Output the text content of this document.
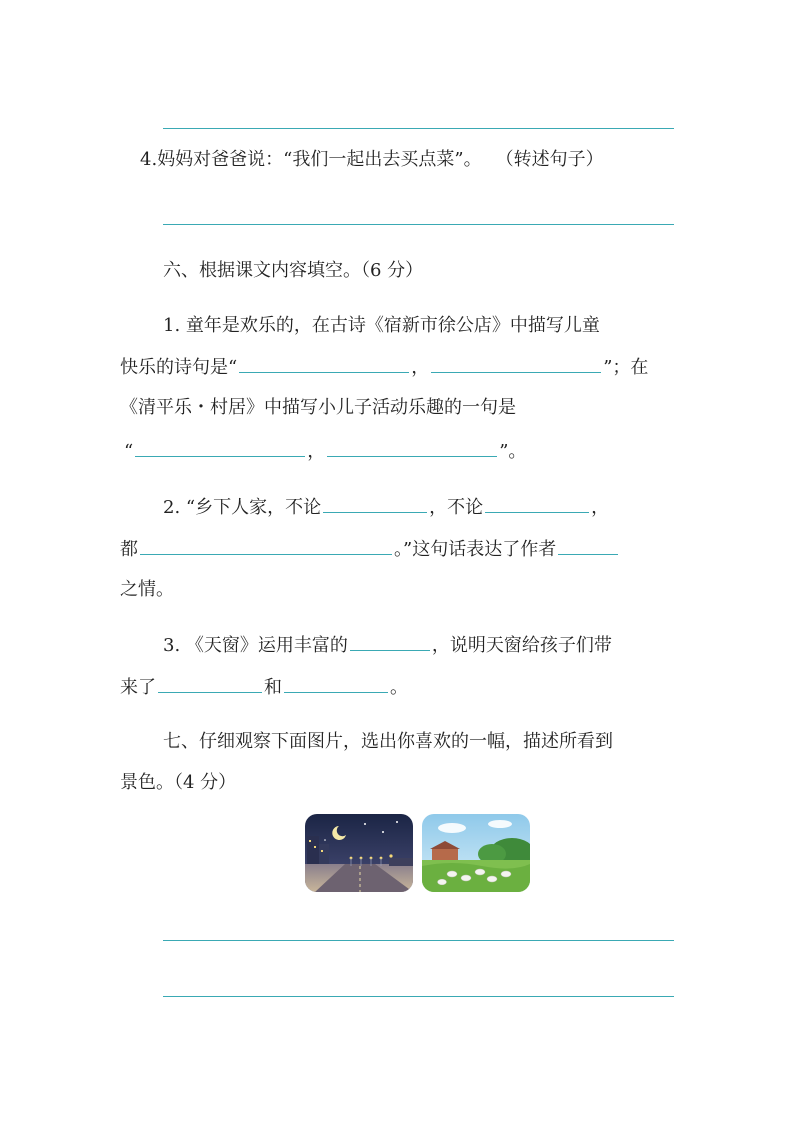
4.妈妈对爸爸说：“我们一起出去买点菜”。 （转述句子）
六、根据课文内容填空。（6 分）
1. 童年是欢乐的，在古诗《宿新市徐公店》中描写儿童
快乐的诗句是“	，	”；在
《清平乐・村居》中描写小儿子活动乐趣的一句是
“	，	”。
2. “乡下人家，不论	，不论	，
都	。”这句话表达了作者
之情。
3. 《天窗》运用丰富的	，说明天窗给孩子们带
来了	和	。
七、仔细观察下面图片，选出你喜欢的一幅，描述所看到
景色。（4 分）
